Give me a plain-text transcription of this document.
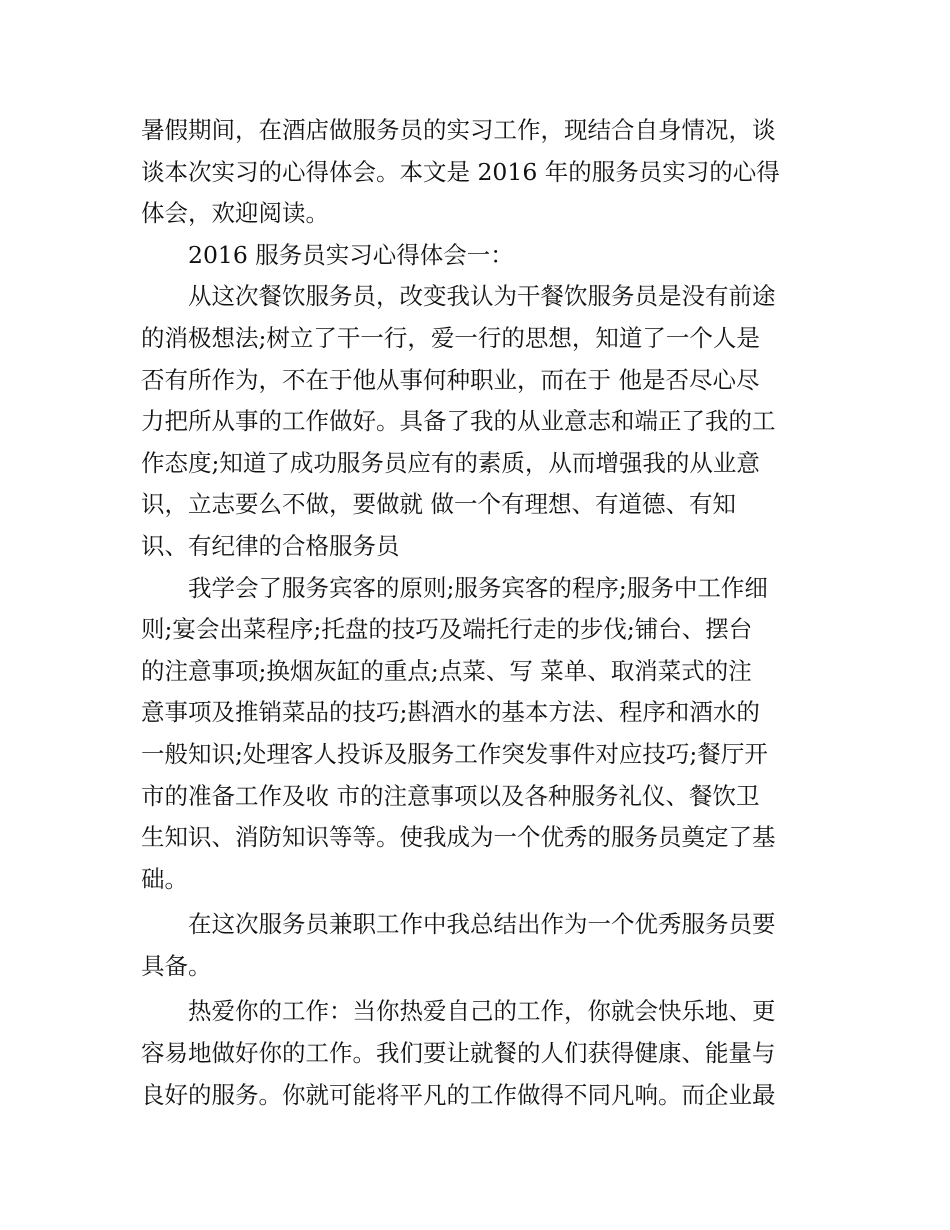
暑假期间，在酒店做服务员的实习工作，现结合自身情况，谈
谈本次实习的心得体会。本文是 2016 年的服务员实习的心得
体会，欢迎阅读。
2016 服务员实习心得体会一：
从这次餐饮服务员，改变我认为干餐饮服务员是没有前途
的消极想法;树立了干一行，爱一行的思想，知道了一个人是
否有所作为，不在于他从事何种职业，而在于 他是否尽心尽
力把所从事的工作做好。具备了我的从业意志和端正了我的工
作态度;知道了成功服务员应有的素质，从而增强我的从业意
识，立志要么不做，要做就 做一个有理想、有道德、有知
识、有纪律的合格服务员
我学会了服务宾客的原则;服务宾客的程序;服务中工作细
则;宴会出菜程序;托盘的技巧及端托行走的步伐;铺台、摆台
的注意事项;换烟灰缸的重点;点菜、写 菜单、取消菜式的注
意事项及推销菜品的技巧;斟酒水的基本方法、程序和酒水的
一般知识;处理客人投诉及服务工作突发事件对应技巧;餐厅开
市的准备工作及收 市的注意事项以及各种服务礼仪、餐饮卫
生知识、消防知识等等。使我成为一个优秀的服务员奠定了基
础。
在这次服务员兼职工作中我总结出作为一个优秀服务员要
具备。
热爱你的工作：当你热爱自己的工作，你就会快乐地、更
容易地做好你的工作。我们要让就餐的人们获得健康、能量与
良好的服务。你就可能将平凡的工作做得不同凡响。而企业最
